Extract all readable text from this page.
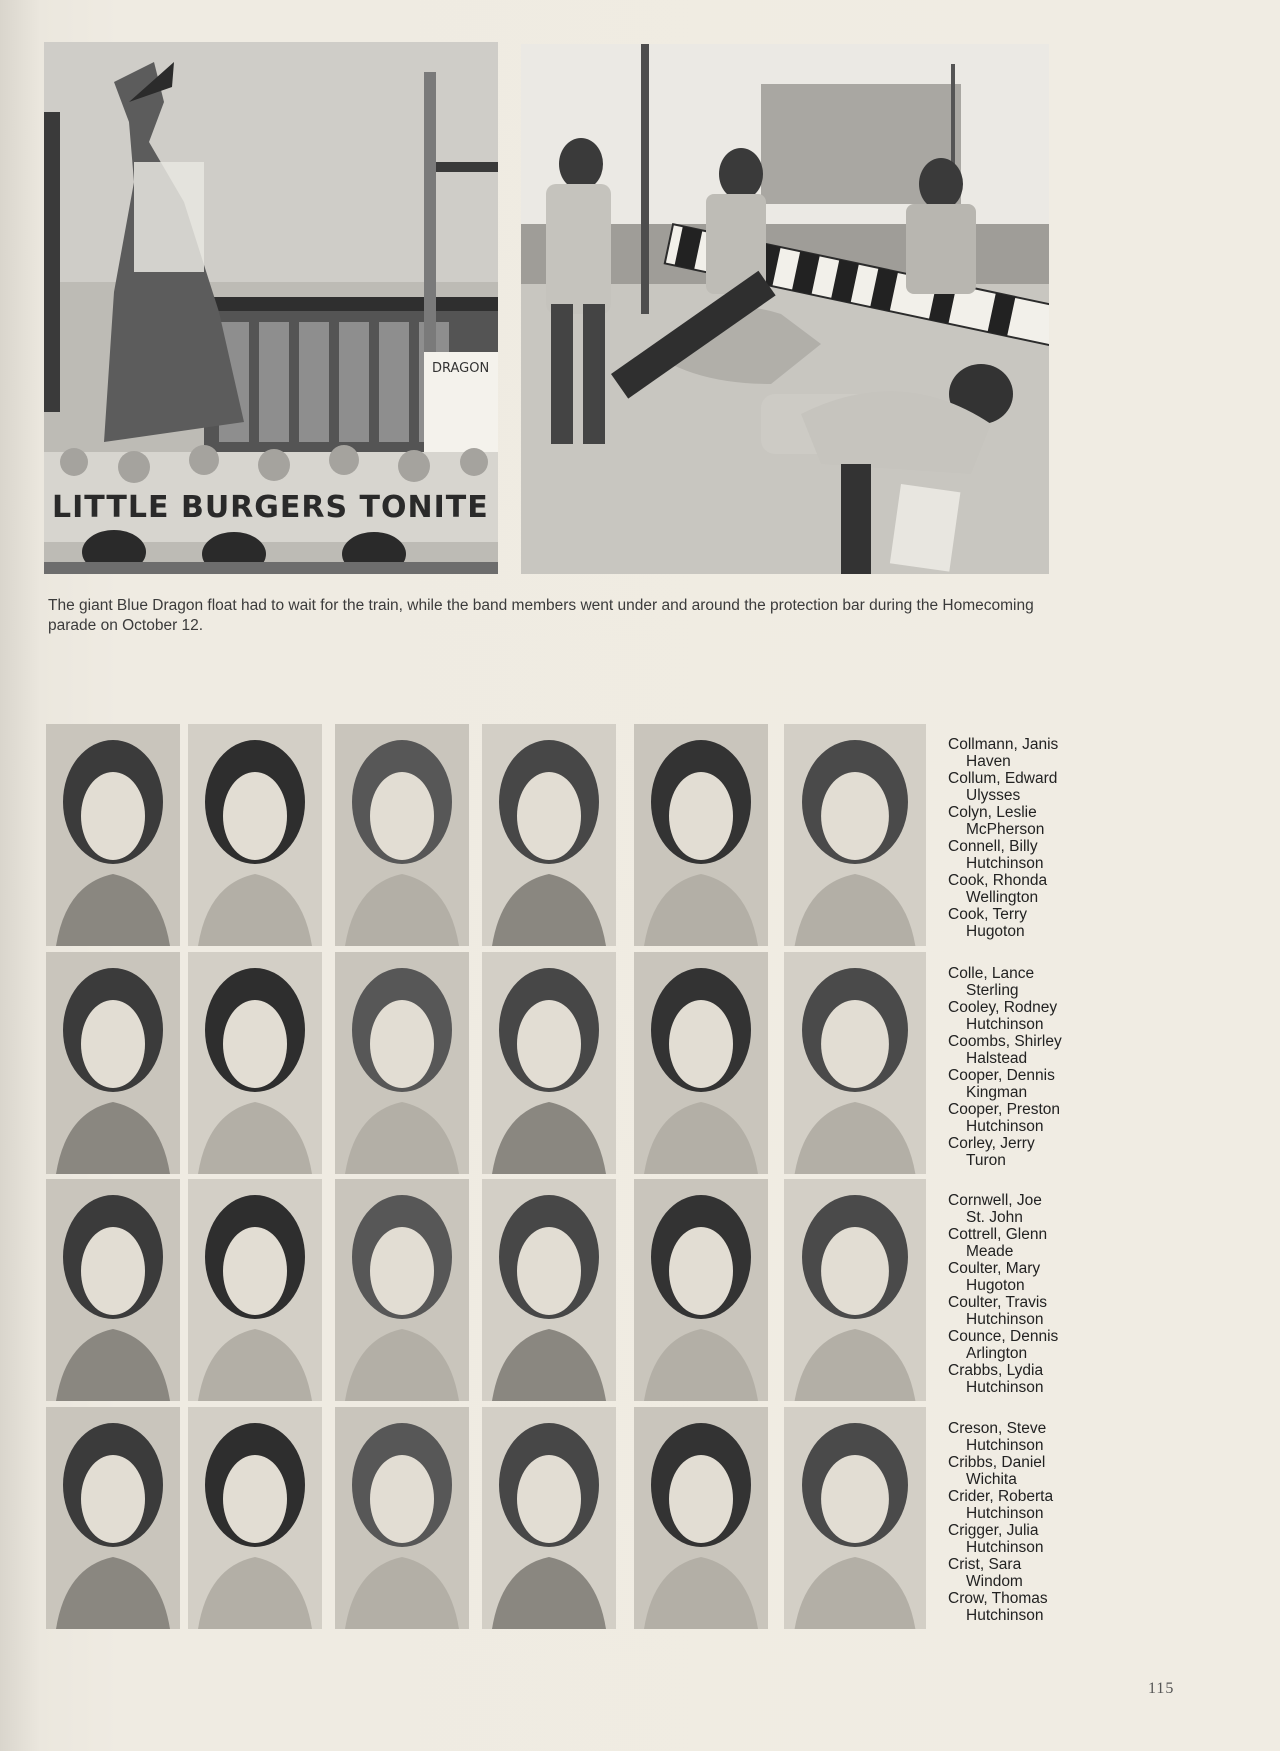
DRAGON
LITTLE BURGERS TONITE
The giant Blue Dragon float had to wait for the train, while the band members went under and around the protection bar during the Homecoming parade on October 12.
Collmann, Janis
Haven
Collum, Edward
Ulysses
Colyn, Leslie
McPherson
Connell, Billy
Hutchinson
Cook, Rhonda
Wellington
Cook, Terry
Hugoton
Colle, Lance
Sterling
Cooley, Rodney
Hutchinson
Coombs, Shirley
Halstead
Cooper, Dennis
Kingman
Cooper, Preston
Hutchinson
Corley, Jerry
Turon
Cornwell, Joe
St. John
Cottrell, Glenn
Meade
Coulter, Mary
Hugoton
Coulter, Travis
Hutchinson
Counce, Dennis
Arlington
Crabbs, Lydia
Hutchinson
Creson, Steve
Hutchinson
Cribbs, Daniel
Wichita
Crider, Roberta
Hutchinson
Crigger, Julia
Hutchinson
Crist, Sara
Windom
Crow, Thomas
Hutchinson
115
